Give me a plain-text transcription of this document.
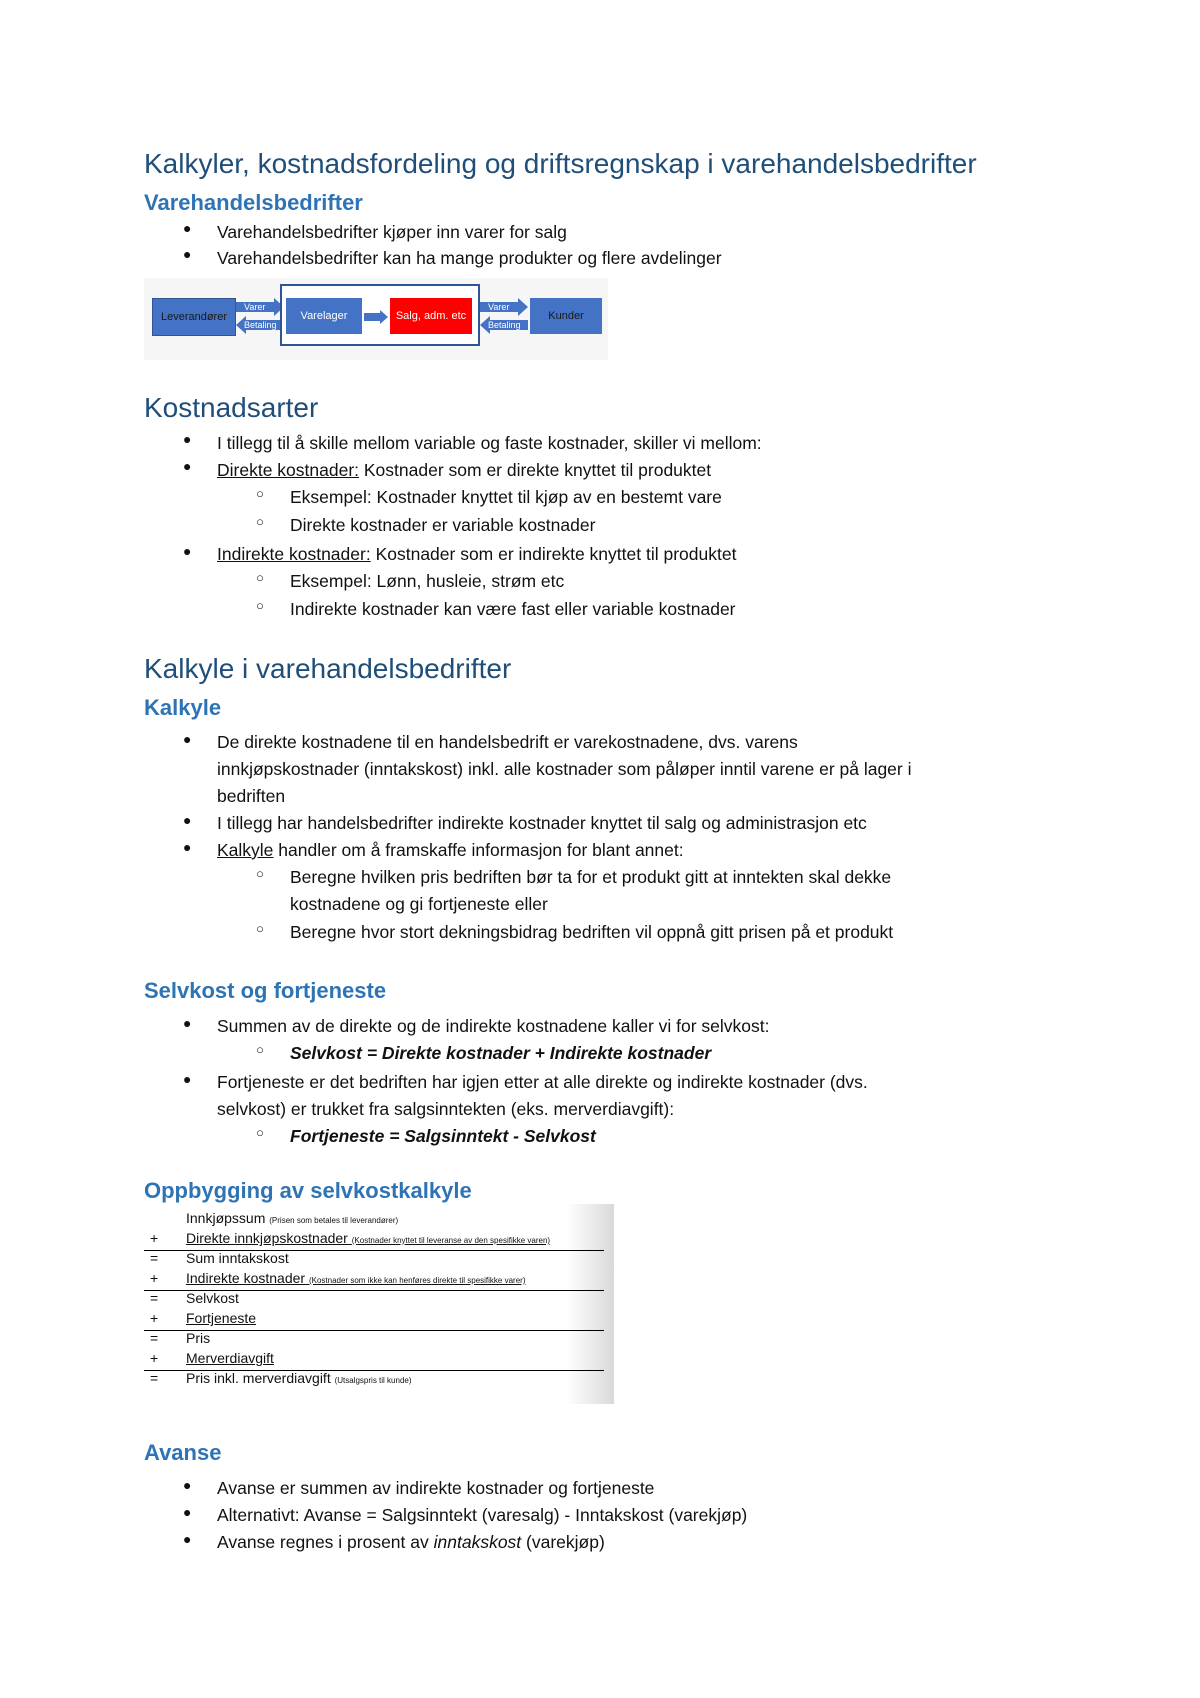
Kalkyler, kostnadsfordeling og driftsregnskap i varehandelsbedrifter
Varehandelsbedrifter
● Varehandelsbedrifter kjøper inn varer for salg
● Varehandelsbedrifter kan ha mange produkter og flere avdelinger
Leverandører
Varer
Betaling
Varelager	Salg, adm. etc
Varer
Betaling
Kunder
Kostnadsarter
● I tillegg til å skille mellom variable og faste kostnader, skiller vi mellom:
● Direkte kostnader: Kostnader som er direkte knyttet til produktet
○ Eksempel: Kostnader knyttet til kjøp av en bestemt vare
○ Direkte kostnader er variable kostnader
● Indirekte kostnader: Kostnader som er indirekte knyttet til produktet
○ Eksempel: Lønn, husleie, strøm etc
○ Indirekte kostnader kan være fast eller variable kostnader
Kalkyle i varehandelsbedrifter
Kalkyle
● De direkte kostnadene til en handelsbedrift er varekostnadene, dvs. varens
innkjøpskostnader (inntakskost) inkl. alle kostnader som påløper inntil varene er på lager i
bedriften
● I tillegg har handelsbedrifter indirekte kostnader knyttet til salg og administrasjon etc
● Kalkyle handler om å framskaffe informasjon for blant annet:
○ Beregne hvilken pris bedriften bør ta for et produkt gitt at inntekten skal dekke
kostnadene og gi fortjeneste eller
○ Beregne hvor stort dekningsbidrag bedriften vil oppnå gitt prisen på et produkt
Selvkost og fortjeneste
● Summen av de direkte og de indirekte kostnadene kaller vi for selvkost:
○ Selvkost = Direkte kostnader + Indirekte kostnader
● Fortjeneste er det bedriften har igjen etter at alle direkte og indirekte kostnader (dvs.
selvkost) er trukket fra salgsinntekten (eks. merverdiavgift):
○ Fortjeneste = Salgsinntekt - Selvkost
Oppbygging av selvkostkalkyle
Innkjøpssum (Prisen som betales til leverandører)
+ Direkte innkjøpskostnader (Kostnader knyttet til leveranse av den spesifikke varen)
= Sum inntakskost
+ Indirekte kostnader (Kostnader som ikke kan henføres direkte til spesifikke varer)
= Selvkost
+ Fortjeneste
= Pris
+ Merverdiavgift
= Pris inkl. merverdiavgift (Utsalgspris til kunde)
Avanse
● Avanse er summen av indirekte kostnader og fortjeneste
● Alternativt: Avanse = Salgsinntekt (varesalg) - Inntakskost (varekjøp)
● Avanse regnes i prosent av inntakskost (varekjøp)
